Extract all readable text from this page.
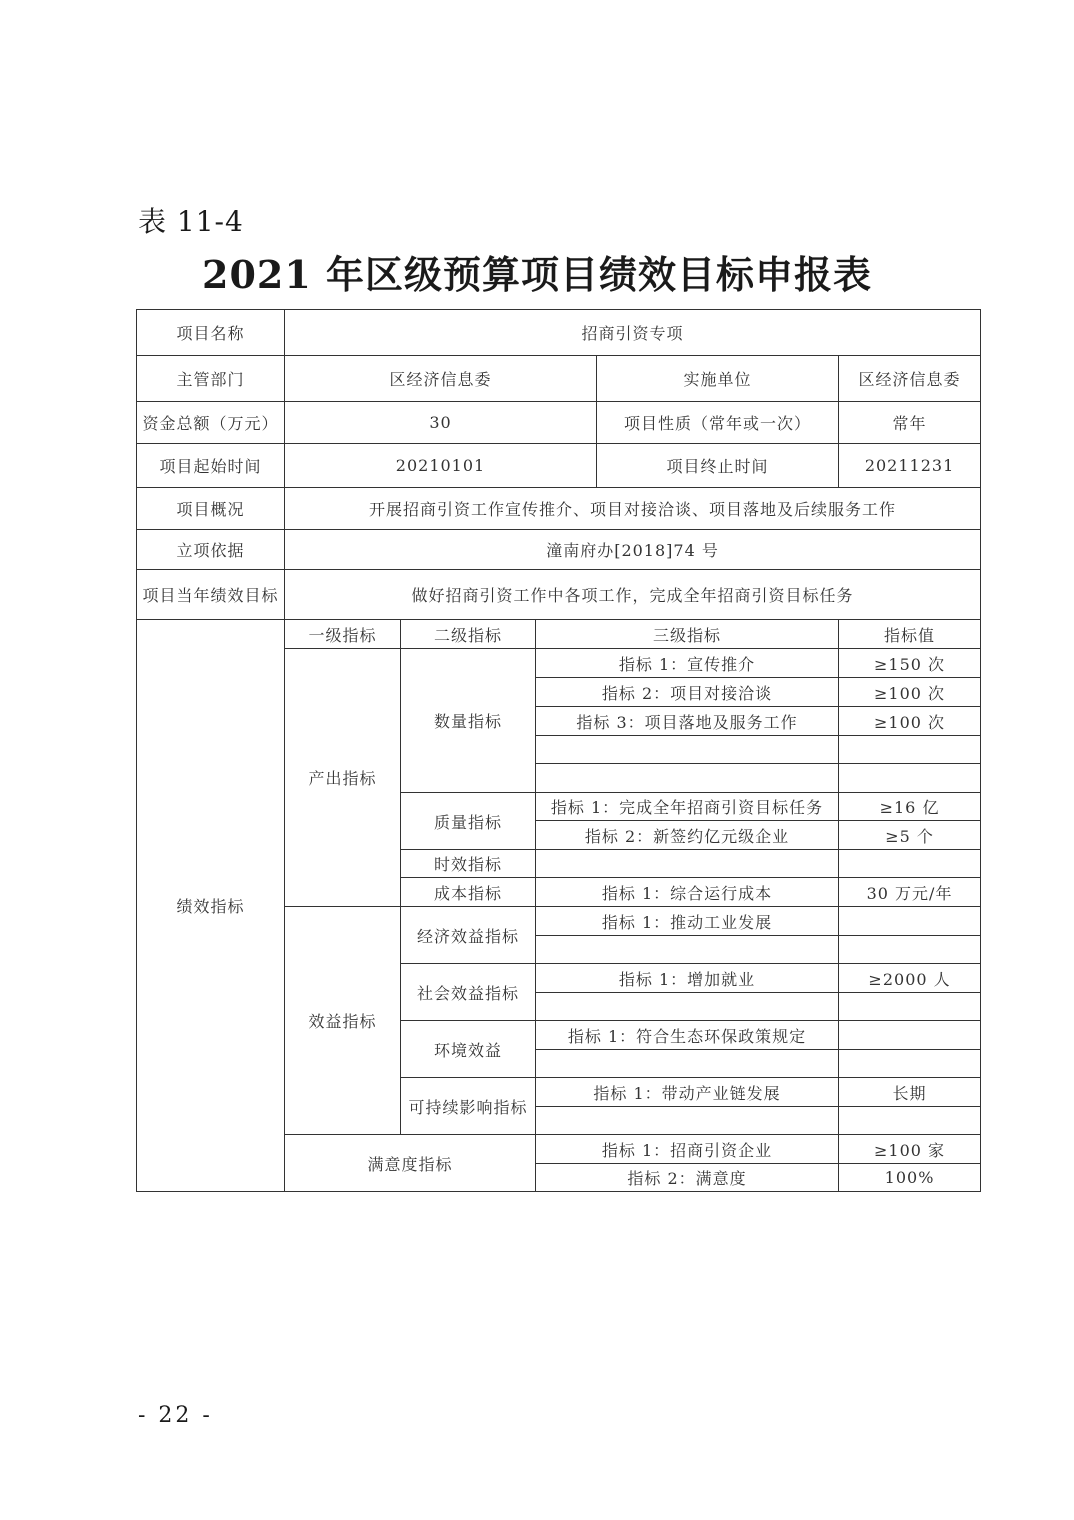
表 11-4
2021 年区级预算项目绩效目标申报表
项目名称	招商引资专项				
主管部门	区经济信息委			实施单位	区经济信息委
资金总额（万元）	30			项目性质（常年或一次）	常年
项目起始时间	20210101			项目终止时间	20211231
项目概况	开展招商引资工作宣传推介、项目对接洽谈、项目落地及后续服务工作				
立项依据	潼南府办[2018]74 号				
项目当年绩效目标	做好招商引资工作中各项工作，完成全年招商引资目标任务				
绩效指标	一级指标	二级指标	三级指标		指标值
	产出指标	数量指标	指标 1：宣传推介		≥150 次
			指标 2：项目对接洽谈		≥100 次
			指标 3：项目落地及服务工作		≥100 次

		质量指标	指标 1：完成全年招商引资目标任务		≥16 亿
			指标 2：新签约亿元级企业		≥5 个
		时效指标			
		成本指标	指标 1：综合运行成本		30 万元/年
	效益指标	经济效益指标	指标 1：推动工业发展		

		社会效益指标	指标 1：增加就业		≥2000 人

		环境效益	指标 1：符合生态环保政策规定		

		可持续影响指标	指标 1：带动产业链发展		长期

	满意度指标		指标 1：招商引资企业		≥100 家
			指标 2：满意度		100%
- 22 -
